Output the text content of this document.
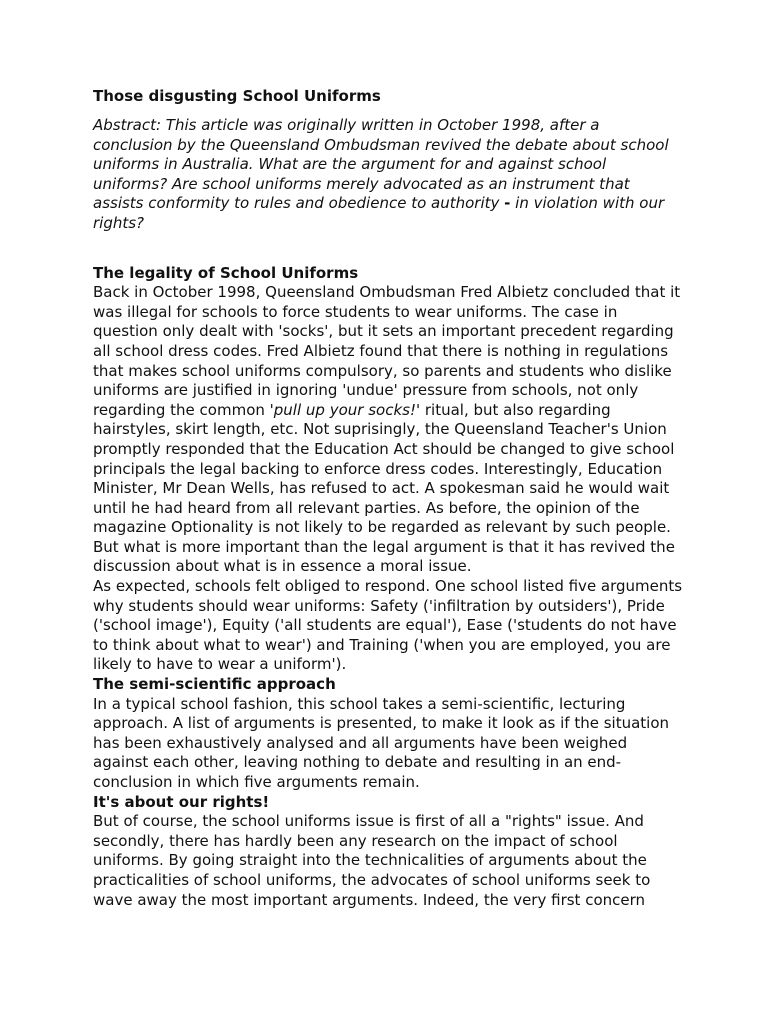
Those disgusting School Uniforms

Abstract: This article was originally written in October 1998, after a conclusion by the Queensland Ombudsman revived the debate about school uniforms in Australia. What are the argument for and against school uniforms? Are school uniforms merely advocated as an instrument that assists conformity to rules and obedience to authority - in violation with our rights?

The legality of School Uniforms

Back in October 1998, Queensland Ombudsman Fred Albietz concluded that it was illegal for schools to force students to wear uniforms. The case in question only dealt with 'socks', but it sets an important precedent regarding all school dress codes. Fred Albietz found that there is nothing in regulations that makes school uniforms compulsory, so parents and students who dislike uniforms are justified in ignoring 'undue' pressure from schools, not only regarding the common 'pull up your socks!' ritual, but also regarding hairstyles, skirt length, etc. Not suprisingly, the Queensland Teacher's Union promptly responded that the Education Act should be changed to give school principals the legal backing to enforce dress codes. Interestingly, Education Minister, Mr Dean Wells, has refused to act. A spokesman said he would wait until he had heard from all relevant parties. As before, the opinion of the magazine Optionality is not likely to be regarded as relevant by such people. But what is more important than the legal argument is that it has revived the discussion about what is in essence a moral issue.

As expected, schools felt obliged to respond. One school listed five arguments why students should wear uniforms: Safety ('infiltration by outsiders'), Pride ('school image'), Equity ('all students are equal'), Ease ('students do not have to think about what to wear') and Training ('when you are employed, you are likely to have to wear a uniform').

The semi-scientific approach

In a typical school fashion, this school takes a semi-scientific, lecturing approach. A list of arguments is presented, to make it look as if the situation has been exhaustively analysed and all arguments have been weighed against each other, leaving nothing to debate and resulting in an end-conclusion in which five arguments remain.

It's about our rights!

But of course, the school uniforms issue is first of all a "rights" issue. And secondly, there has hardly been any research on the impact of school uniforms. By going straight into the technicalities of arguments about the practicalities of school uniforms, the advocates of school uniforms seek to wave away the most important arguments. Indeed, the very first concern
